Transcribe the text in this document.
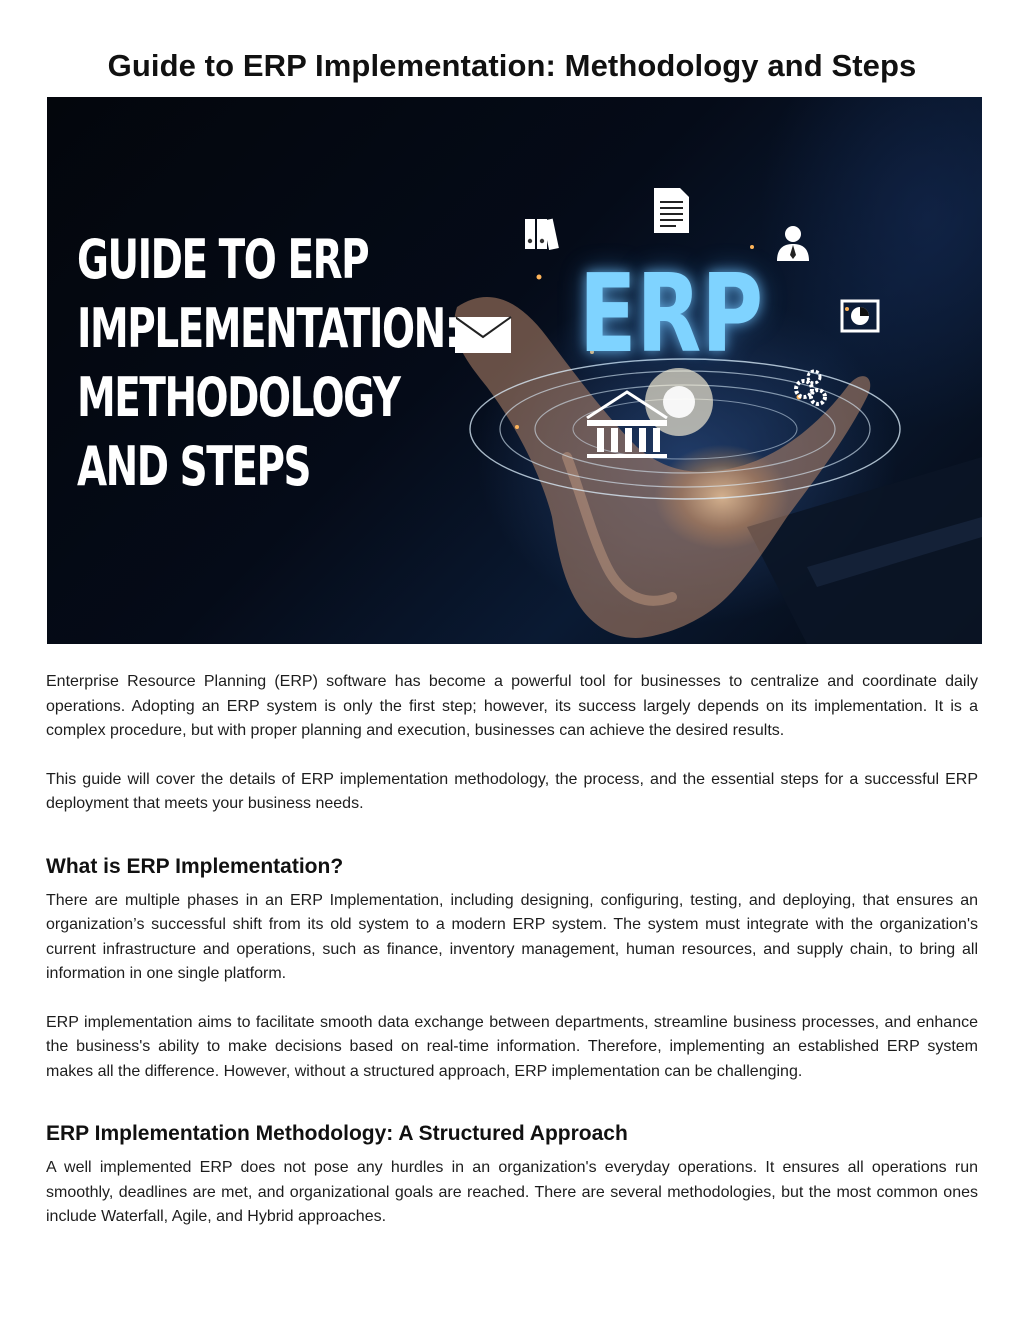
Guide to ERP Implementation: Methodology and Steps
GUIDE TO ERP
IMPLEMENTATION:
METHODOLOGY
AND STEPS
ERP

Enterprise Resource Planning (ERP) software has become a powerful tool for businesses to centralize and coordinate daily operations. Adopting an ERP system is only the first step; however, its success largely depends on its implementation. It is a complex procedure, but with proper planning and execution, businesses can achieve the desired results.

This guide will cover the details of ERP implementation methodology, the process, and the essential steps for a successful ERP deployment that meets your business needs.

What is ERP Implementation?

There are multiple phases in an ERP Implementation, including designing, configuring, testing, and deploying, that ensures an organization’s successful shift from its old system to a modern ERP system. The system must integrate with the organization's current infrastructure and operations, such as finance, inventory management, human resources, and supply chain, to bring all information in one single platform.

ERP implementation aims to facilitate smooth data exchange between departments, streamline business processes, and enhance the business's ability to make decisions based on real-time information. Therefore, implementing an established ERP system makes all the difference. However, without a structured approach, ERP implementation can be challenging.

ERP Implementation Methodology: A Structured Approach

A well implemented ERP does not pose any hurdles in an organization's everyday operations. It ensures all operations run smoothly, deadlines are met, and organizational goals are reached. There are several methodologies, but the most common ones include Waterfall, Agile, and Hybrid approaches.
